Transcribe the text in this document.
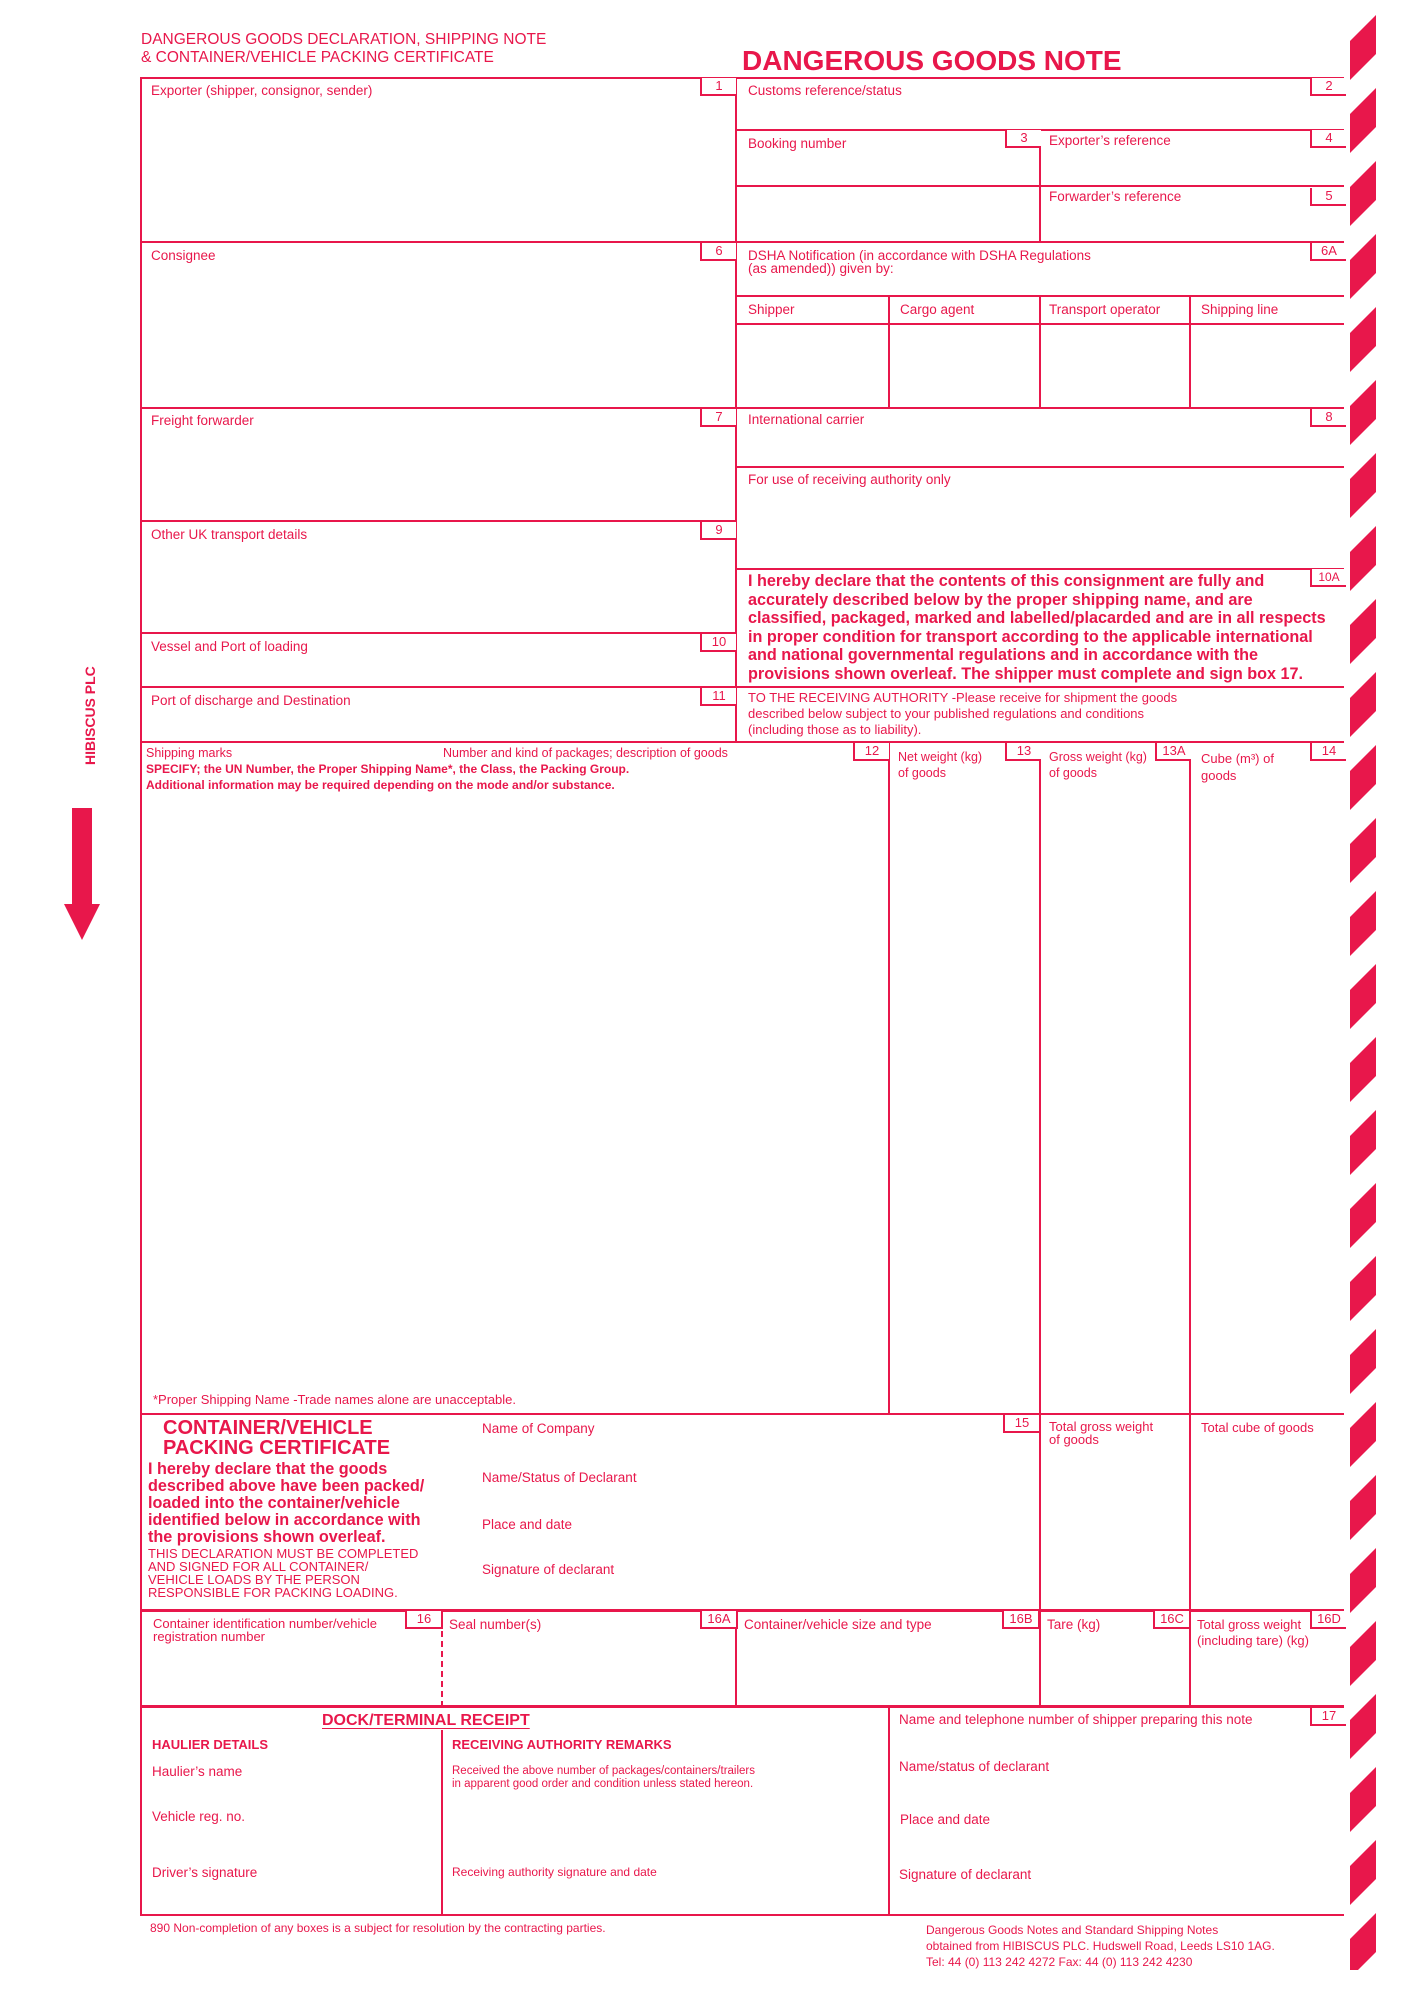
DANGEROUS GOODS DECLARATION, SHIPPING NOTE
& CONTAINER/VEHICLE PACKING CERTIFICATE	DANGEROUS GOODS NOTE
HIBISCUS PLC
Exporter (shipper, consignor, sender)	1	Customs reference/status	2
Booking number	3	Exporter’s reference	4
Forwarder’s reference	5
Consignee	6	DSHA Notification (in accordance with DSHA Regulations
(as amended)) given by:
6A
Shipper	Cargo agent	Transport operator	Shipping line
Freight forwarder	7	International carrier	8
For use of receiving authority only
Other UK transport details	9
I hereby declare that the contents of this consignment are fully and
accurately described below by the proper shipping name, and are
classified, packaged, marked and labelled/placarded and are in all respects
in proper condition for transport according to the applicable international
and national governmental regulations and in accordance with the
provisions shown overleaf. The shipper must complete and sign box 17.
10A
Vessel and Port of loading	10
Port of discharge and Destination	11	TO THE RECEIVING AUTHORITY -Please receive for shipment the goods
described below subject to your published regulations and conditions
(including those as to liability).
Shipping marks	Number and kind of packages; description of goods	12
SPECIFY; the UN Number, the Proper Shipping Name*, the Class, the Packing Group.
Additional information may be required depending on the mode and/or substance.
*Proper Shipping Name -Trade names alone are unacceptable.
Net weight (kg)
of goods
13	Gross weight (kg)
of goods
13A
Cube (m³) of
goods
14
CONTAINER/VEHICLE
PACKING CERTIFICATE
I hereby declare that the goods
described above have been packed/
loaded into the container/vehicle
identified below in accordance with
the provisions shown overleaf.
THIS DECLARATION MUST BE COMPLETED
AND SIGNED FOR ALL CONTAINER/
VEHICLE LOADS BY THE PERSON
RESPONSIBLE FOR PACKING LOADING.
Name of Company
Name/Status of Declarant
Place and date
Signature of declarant
15	Total gross weight
of goods
Total cube of goods
Container identification number/vehicle
registration number
16	Seal number(s)	16A Container/vehicle size and type	16B	Tare (kg)	16C	Total gross weight
(including tare) (kg)
16D
DOCK/TERMINAL RECEIPT
HAULIER DETAILS
Haulier’s name
Vehicle reg. no.
Driver’s signature
RECEIVING AUTHORITY REMARKS
Received the above number of packages/containers/trailers
in apparent good order and condition unless stated hereon.
Receiving authority signature and date
Name and telephone number of shipper preparing this note	17
Name/status of declarant
Place and date
Signature of declarant
890 Non-completion of any boxes is a subject for resolution by the contracting parties.	Dangerous Goods Notes and Standard Shipping Notes
obtained from HIBISCUS PLC. Hudswell Road, Leeds LS10 1AG.
Tel: 44 (0) 113 242 4272 Fax: 44 (0) 113 242 4230
